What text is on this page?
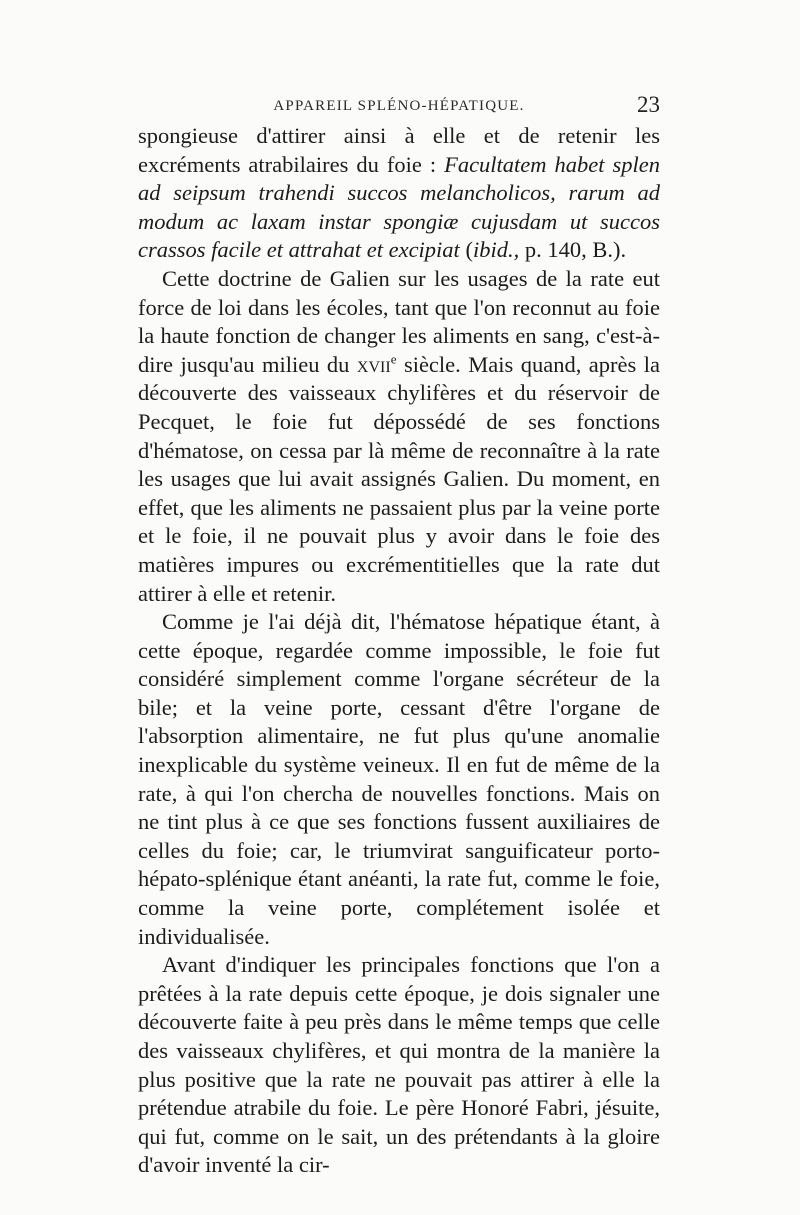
APPAREIL SPLÉNO-HÉPATIQUE.	23

spongieuse d'attirer ainsi à elle et de retenir les excréments atrabilaires du foie : Facultatem habet splen ad seipsum trahendi succos melancholicos, rarum ad modum ac laxam instar spongiæ cujusdam ut succos crassos facile et attrahat et excipiat (ibid., p. 140, B.).

Cette doctrine de Galien sur les usages de la rate eut force de loi dans les écoles, tant que l'on reconnut au foie la haute fonction de changer les aliments en sang, c'est-à-dire jusqu'au milieu du xvii$^e$ siècle. Mais quand, après la découverte des vaisseaux chylifères et du réservoir de Pecquet, le foie fut dépossédé de ses fonctions d'hématose, on cessa par là même de reconnaître à la rate les usages que lui avait assignés Galien. Du moment, en effet, que les aliments ne passaient plus par la veine porte et le foie, il ne pouvait plus y avoir dans le foie des matières impures ou excrémentitielles que la rate dut attirer à elle et retenir.

Comme je l'ai déjà dit, l'hématose hépatique étant, à cette époque, regardée comme impossible, le foie fut considéré simplement comme l'organe sécréteur de la bile; et la veine porte, cessant d'être l'organe de l'absorption alimentaire, ne fut plus qu'une anomalie inexplicable du système veineux. Il en fut de même de la rate, à qui l'on chercha de nouvelles fonctions. Mais on ne tint plus à ce que ses fonctions fussent auxiliaires de celles du foie; car, le triumvirat sanguificateur porto-hépato-splénique étant anéanti, la rate fut, comme le foie, comme la veine porte, complétement isolée et individualisée.

Avant d'indiquer les principales fonctions que l'on a prêtées à la rate depuis cette époque, je dois signaler une découverte faite à peu près dans le même temps que celle des vaisseaux chylifères, et qui montra de la manière la plus positive que la rate ne pouvait pas attirer à elle la prétendue atrabile du foie. Le père Honoré Fabri, jésuite, qui fut, comme on le sait, un des prétendants à la gloire d'avoir inventé la cir-
